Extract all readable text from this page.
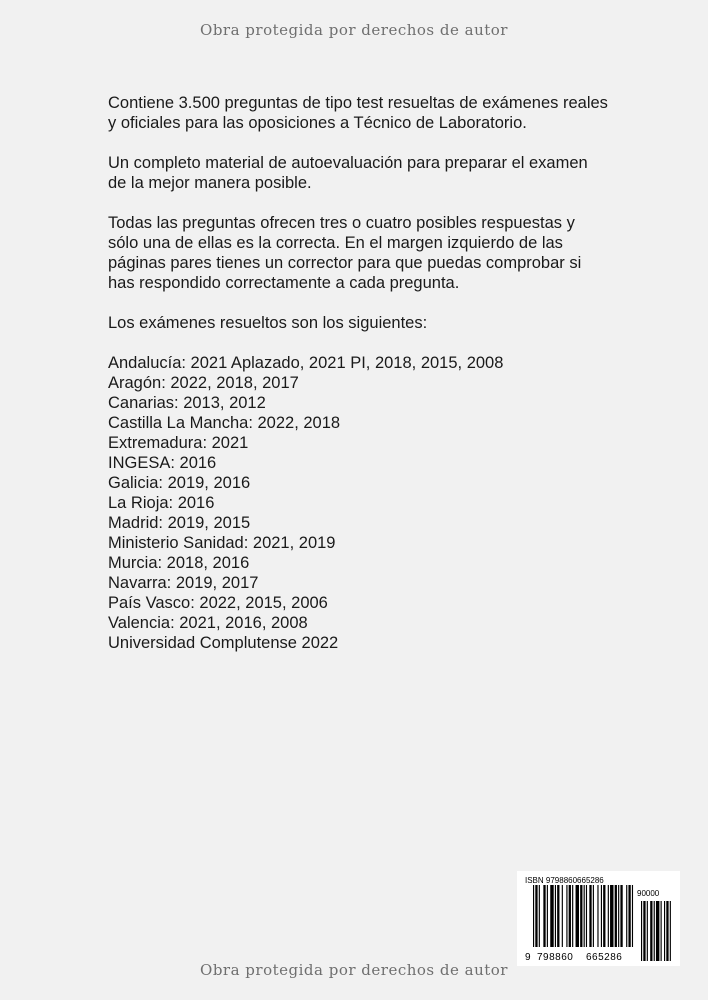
Obra protegida por derechos de autor

Contiene 3.500 preguntas de tipo test resueltas de exámenes reales
y oficiales para las oposiciones a Técnico de Laboratorio.

Un completo material de autoevaluación para preparar el examen
de la mejor manera posible.

Todas las preguntas ofrecen tres o cuatro posibles respuestas y
sólo una de ellas es la correcta. En el margen izquierdo de las
páginas pares tienes un corrector para que puedas comprobar si
has respondido correctamente a cada pregunta.

Los exámenes resueltos son los siguientes:

Andalucía: 2021 Aplazado, 2021 PI, 2018, 2015, 2008
Aragón: 2022, 2018, 2017
Canarias: 2013, 2012
Castilla La Mancha: 2022, 2018
Extremadura: 2021
INGESA: 2016
Galicia: 2019, 2016
La Rioja: 2016
Madrid: 2019, 2015
Ministerio Sanidad: 2021, 2019
Murcia: 2018, 2016
Navarra: 2019, 2017
País Vasco: 2022, 2015, 2006
Valencia: 2021, 2016, 2008
Universidad Complutense 2022
ISBN 9798860665286
90000
9 798860 665286
Obra protegida por derechos de autor
